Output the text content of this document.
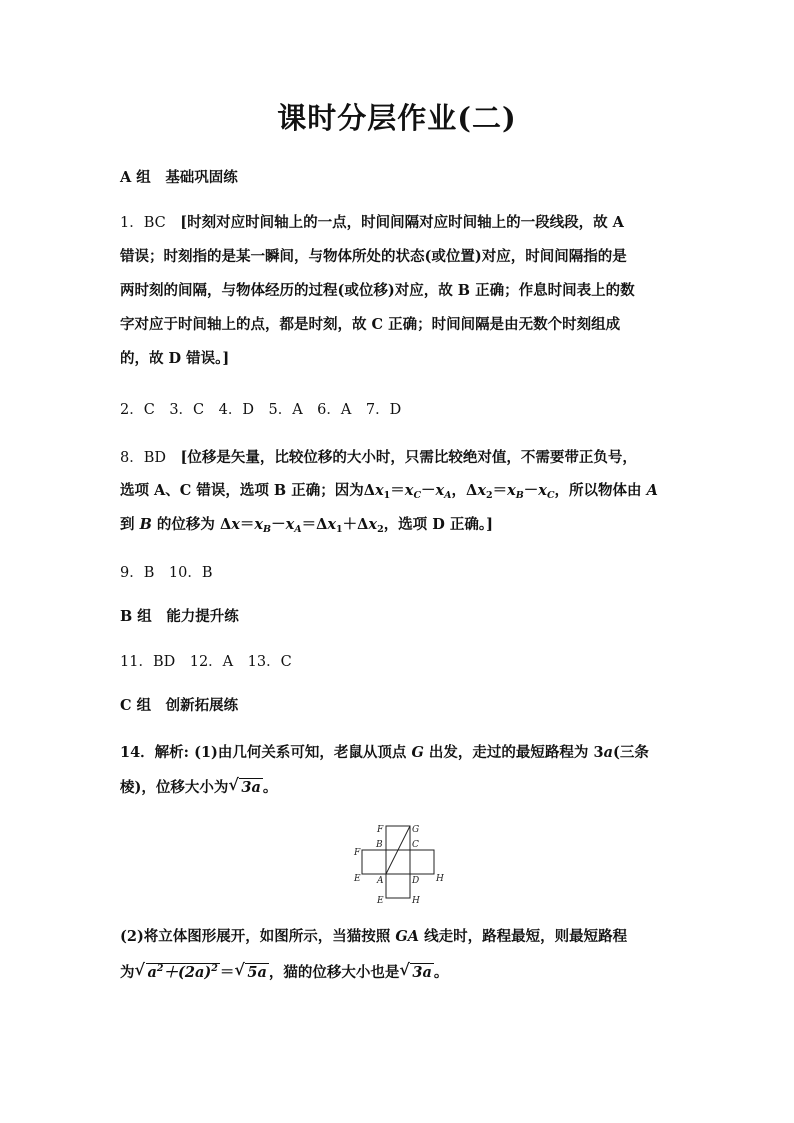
课时分层作业(二)
A 组　 基础巩固练
1．BC　 [时刻对应时间轴上的一点，时间间隔对应时间轴上的一段线段，故 A
错误；时刻指的是某一瞬间，与物体所处的状态(或位置)对应，时间间隔指的是
两时刻的间隔，与物体经历的过程(或位移)对应，故 B 正确；作息时间表上的数
字对应于时间轴上的点，都是时刻，故 C 正确；时间间隔是由无数个时刻组成
的，故 D 错误。]
2．C　3．C　4．D　5．A　6．A　7．D
8．BD　 [位移是矢量，比较位移的大小时，只需比较绝对值，不需要带正负号，
选项 A、C 错误，选项 B 正确；因为$\Delta x_1=x_C-x_A$，$\Delta x_2=x_B-x_C$，所以物体由 A
到 B 的位移为 $\Delta x=x_B-x_A=\Delta x_1+\Delta x_2$，选项 D 正确。]
9．B　10．B
B 组　 能力提升练
11．BD　12．A　13．C
C 组　 创新拓展练
14．解析: (1)由几何关系可知，老鼠从顶点 G 出发，走过的最短路程为 3a(三条
棱)，位移大小为 √ 3a 。
F	G
F
B	C
E A	D H
E	H
(2)将立体图形展开，如图所示，当猫按照 GA 线走时，路程最短，则最短路程
为 √ $a^2+(2a)^2$ ＝ √ 5a ，猫的位移大小也是 √ 3a 。
